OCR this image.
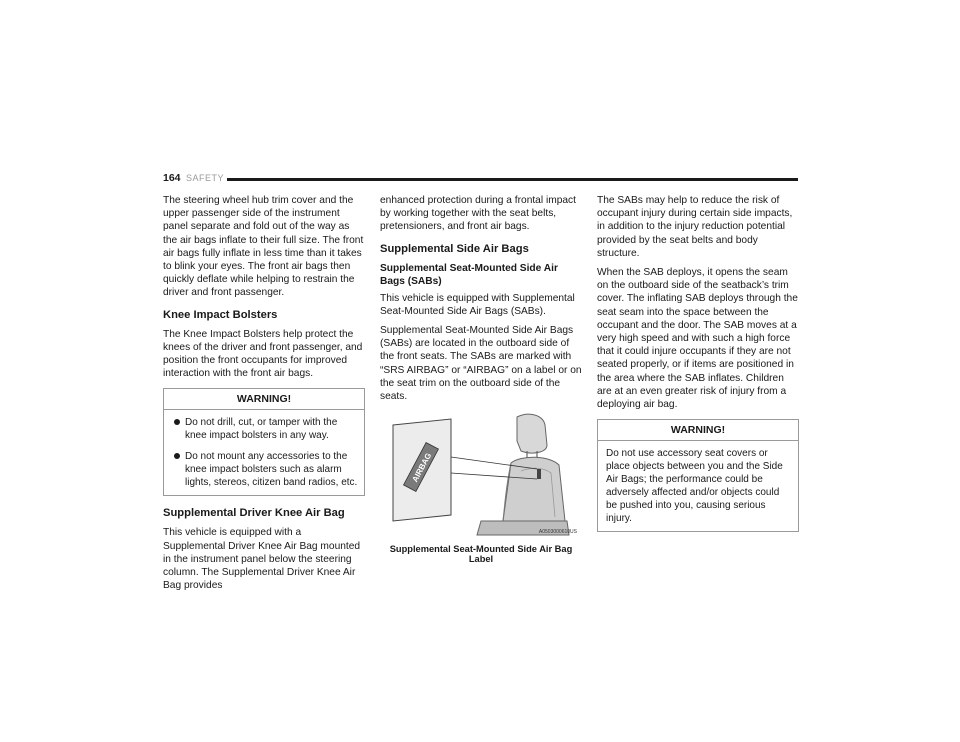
164 SAFETY

The steering wheel hub trim cover and the upper passenger side of the instrument panel separate and fold out of the way as the air bags inflate to their full size. The front air bags fully inflate in less time than it takes to blink your eyes. The front air bags then quickly deflate while helping to restrain the driver and front passenger.

Knee Impact Bolsters

The Knee Impact Bolsters help protect the knees of the driver and front passenger, and position the front occupants for improved interaction with the front air bags.

WARNING!
Do not drill, cut, or tamper with the knee impact bolsters in any way.
Do not mount any accessories to the knee impact bolsters such as alarm lights, stereos, citizen band radios, etc.
Supplemental Driver Knee Air Bag

This vehicle is equipped with a Supplemental Driver Knee Air Bag mounted in the instrument panel below the steering column. The Supplemental Driver Knee Air Bag provides

enhanced protection during a frontal impact by working together with the seat belts, pretensioners, and front air bags.

Supplemental Side Air Bags
Supplemental Seat-Mounted Side Air Bags (SABs)

This vehicle is equipped with Supplemental Seat-Mounted Side Air Bags (SABs).

Supplemental Seat-Mounted Side Air Bags (SABs) are located in the outboard side of the front seats. The SABs are marked with “SRS AIRBAG” or “AIRBAG” on a label or on the seat trim on the outboard side of the seats.

AIRBAG
A0503000610US
Supplemental Seat-Mounted Side Air Bag Label

The SABs may help to reduce the risk of occupant injury during certain side impacts, in addition to the injury reduction potential provided by the seat belts and body structure.

When the SAB deploys, it opens the seam on the outboard side of the seatback’s trim cover. The inflating SAB deploys through the seat seam into the space between the occupant and the door. The SAB moves at a very high speed and with such a high force that it could injure occupants if they are not seated properly, or if items are positioned in the area where the SAB inflates. Children are at an even greater risk of injury from a deploying air bag.

WARNING!
Do not use accessory seat covers or place objects between you and the Side Air Bags; the performance could be adversely affected and/or objects could be pushed into you, causing serious injury.
